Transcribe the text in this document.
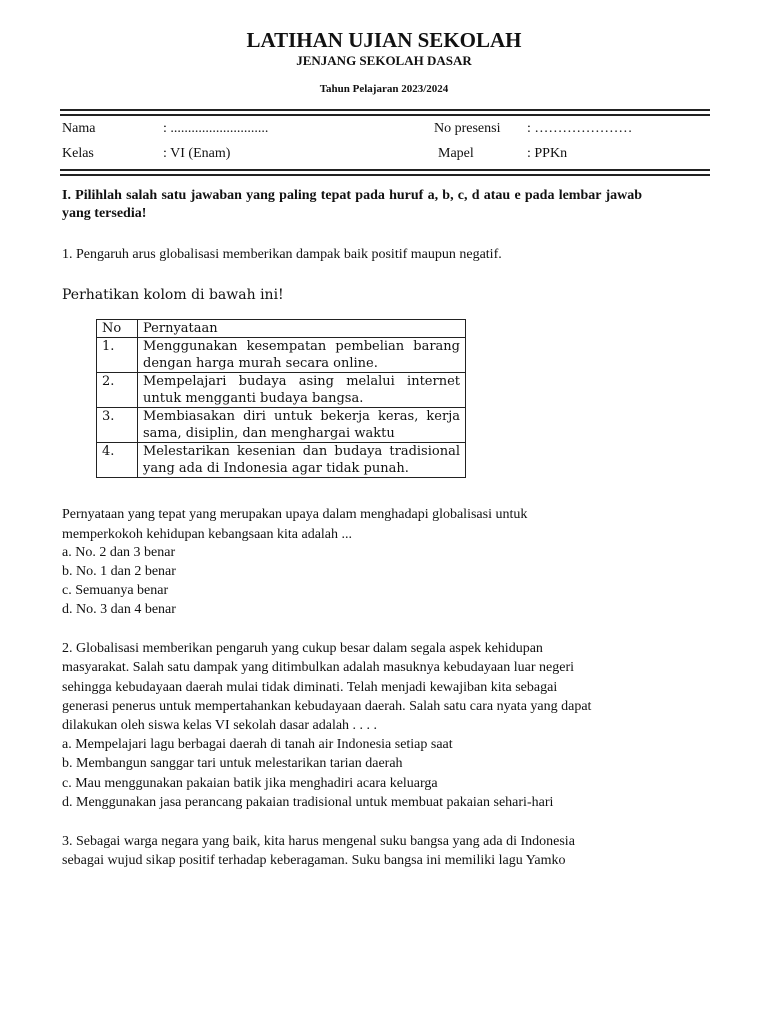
LATIHAN UJIAN SEKOLAH
JENJANG SEKOLAH DASAR
Tahun Pelajaran 2023/2024
Nama	: ............................	No presensi : …………………
Kelas	: VI (Enam)	Mapel	: PPKn
I. Pilihlah salah satu jawaban yang paling tepat pada huruf a, b, c, d atau e pada lembar jawab yang tersedia!
1. Pengaruh arus globalisasi memberikan dampak baik positif maupun negatif.
Perhatikan kolom di bawah ini!
No	Pernyataan
1.	Menggunakan kesempatan pembelian barang dengan harga murah secara online.
2.	Mempelajari budaya asing melalui internet untuk mengganti budaya bangsa.
3.	Membiasakan diri untuk bekerja keras, kerja sama, disiplin, dan menghargai waktu
4.	Melestarikan kesenian dan budaya tradisional yang ada di Indonesia agar tidak punah.
Pernyataan yang tepat yang merupakan upaya dalam menghadapi globalisasi untuk
memperkokoh kehidupan kebangsaan kita adalah ...
a. No. 2 dan 3 benar
b. No. 1 dan 2 benar
c. Semuanya benar
d. No. 3 dan 4 benar
2. Globalisasi memberikan pengaruh yang cukup besar dalam segala aspek kehidupan
masyarakat. Salah satu dampak yang ditimbulkan adalah masuknya kebudayaan luar negeri
sehingga kebudayaan daerah mulai tidak diminati. Telah menjadi kewajiban kita sebagai
generasi penerus untuk mempertahankan kebudayaan daerah. Salah satu cara nyata yang dapat
dilakukan oleh siswa kelas VI sekolah dasar adalah . . . .
a. Mempelajari lagu berbagai daerah di tanah air Indonesia setiap saat
b. Membangun sanggar tari untuk melestarikan tarian daerah
c. Mau menggunakan pakaian batik jika menghadiri acara keluarga
d. Menggunakan jasa perancang pakaian tradisional untuk membuat pakaian sehari-hari
3. Sebagai warga negara yang baik, kita harus mengenal suku bangsa yang ada di Indonesia
sebagai wujud sikap positif terhadap keberagaman. Suku bangsa ini memiliki lagu Yamko
